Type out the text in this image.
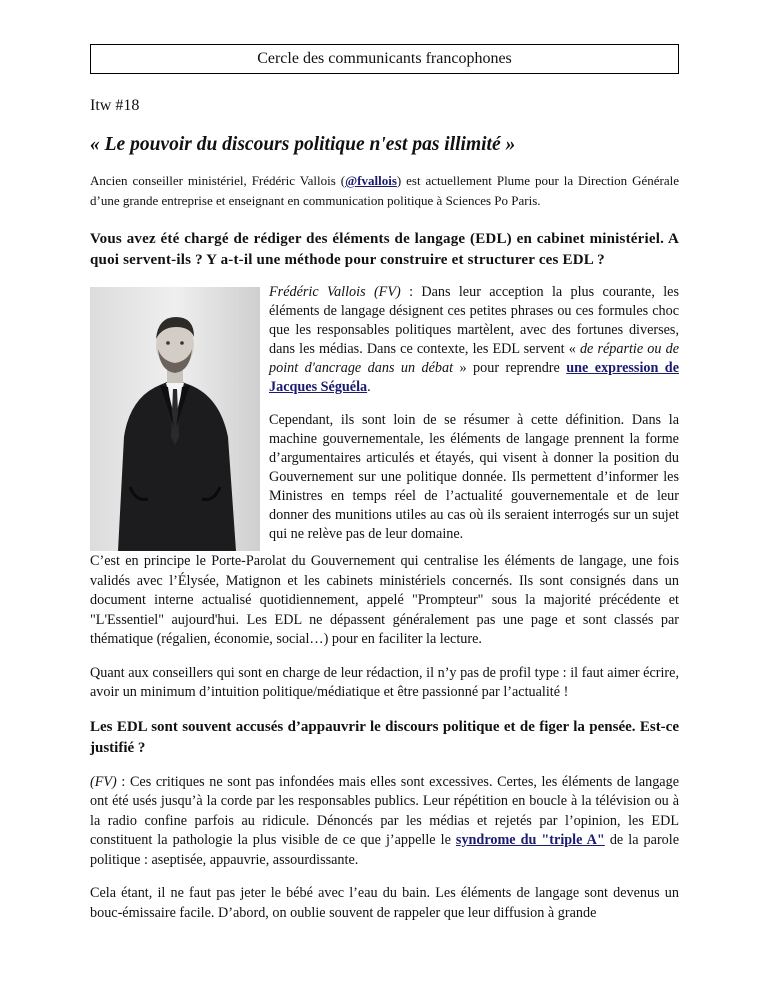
Cercle des communicants francophones

Itw #18

« Le pouvoir du discours politique n'est pas illimité »

Ancien conseiller ministériel, Frédéric Vallois (@fvallois) est actuellement Plume pour la Direction Générale d’une grande entreprise et enseignant en communication politique à Sciences Po Paris.

Vous avez été chargé de rédiger des éléments de langage (EDL) en cabinet ministériel. A quoi servent-ils ? Y a-t-il une méthode pour construire et structurer ces EDL ?

Frédéric Vallois (FV) : Dans leur acception la plus courante, les éléments de langage désignent ces petites phrases ou ces formules choc que les responsables politiques martèlent, avec des fortunes diverses, dans les médias. Dans ce contexte, les EDL servent « de répartie ou de point d'ancrage dans un débat » pour reprendre une expression de Jacques Séguéla.

Cependant, ils sont loin de se résumer à cette définition. Dans la machine gouvernementale, les éléments de langage prennent la forme d’argumentaires articulés et étayés, qui visent à donner la position du Gouvernement sur une politique donnée. Ils permettent d’informer les Ministres en temps réel de l’actualité gouvernementale et de leur donner des munitions utiles au cas où ils seraient interrogés sur un sujet qui ne relève pas de leur domaine.

C’est en principe le Porte-Parolat du Gouvernement qui centralise les éléments de langage, une fois validés avec l’Élysée, Matignon et les cabinets ministériels concernés. Ils sont consignés dans un document interne actualisé quotidiennement, appelé "Prompteur" sous la majorité précédente et "L'Essentiel" aujourd'hui. Les EDL ne dépassent généralement pas une page et sont classés par thématique (régalien, économie, social…) pour en faciliter la lecture.

Quant aux conseillers qui sont en charge de leur rédaction, il n’y pas de profil type : il faut aimer écrire, avoir un minimum d’intuition politique/médiatique et être passionné par l’actualité !

Les EDL sont souvent accusés d’appauvrir le discours politique et de figer la pensée. Est-ce justifié ?

(FV) : Ces critiques ne sont pas infondées mais elles sont excessives. Certes, les éléments de langage ont été usés jusqu’à la corde par les responsables publics. Leur répétition en boucle à la télévision ou à la radio confine parfois au ridicule. Dénoncés par les médias et rejetés par l’opinion, les EDL constituent la pathologie la plus visible de ce que j’appelle le syndrome du "triple A" de la parole politique : aseptisée, appauvrie, assourdissante.

Cela étant, il ne faut pas jeter le bébé avec l’eau du bain. Les éléments de langage sont devenus un bouc-émissaire facile. D’abord, on oublie souvent de rappeler que leur diffusion à grande
